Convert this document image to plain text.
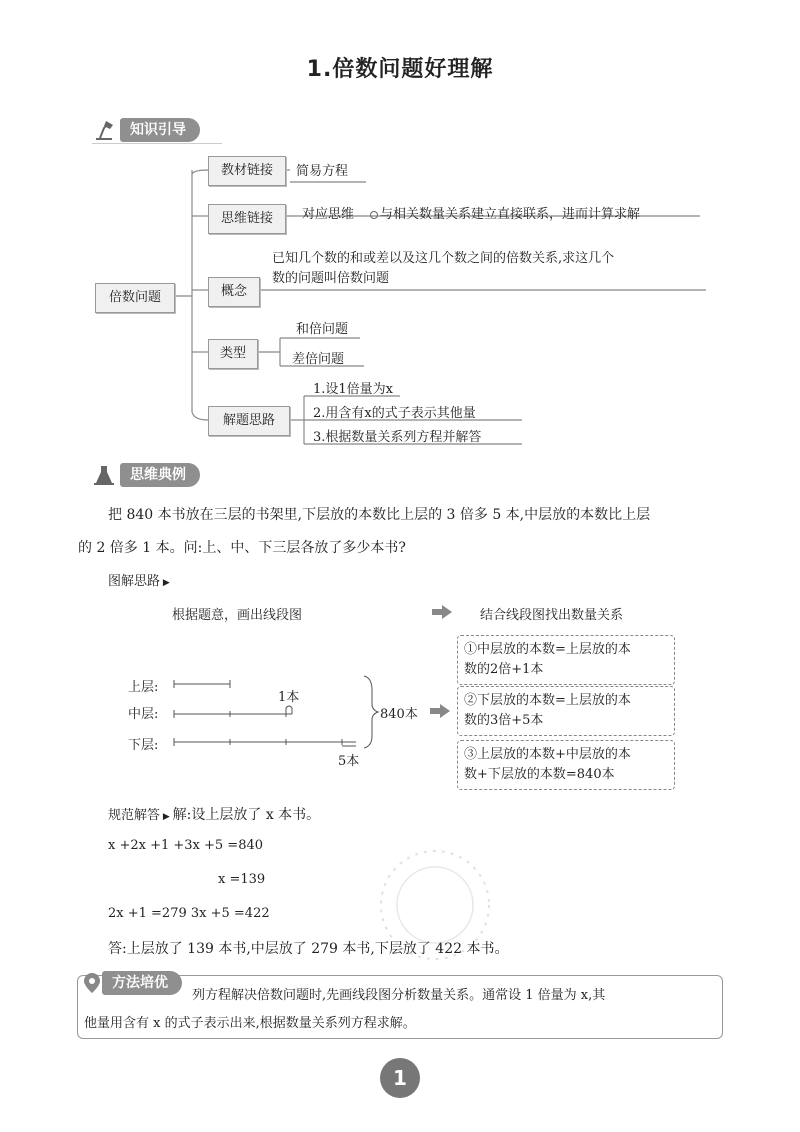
1.倍数问题好理解
知识引导
倍数问题
教材链接	简易方程
思维链接	对应思维 与相关数量关系建立直接联系，进而计算求解
概念
已知几个数的和或差以及这几个数之间的倍数关系,求这几个
数的问题叫倍数问题
类型
和倍问题
差倍问题
解题思路
1.设1倍量为x
2.用含有x的式子表示其他量
3.根据数量关系列方程并解答
思维典例
把 840 本书放在三层的书架里,下层放的本数比上层的 3 倍多 5 本,中层放的本数比上层
的 2 倍多 1 本。问:上、中、下三层各放了多少本书?
图解思路 ▶
根据题意，画出线段图	结合线段图找出数量关系
上层:
中层:
下层:
1本
5本
840本
①中层放的本数=上层放的本
数的2倍+1本
②下层放的本数=上层放的本
数的3倍+5本
③上层放的本数+中层放的本
数+下层放的本数=840本
规范解答 ▶ 解:设上层放了 x 本书。
x +2x +1 +3x +5 =840
x =139
2x +1 =279 3x +5 =422
答:上层放了 139 本书,中层放了 279 本书,下层放了 422 本书。
方法培优
列方程解决倍数问题时,先画线段图分析数量关系。通常设 1 倍量为 x,其
他量用含有 x 的式子表示出来,根据数量关系列方程求解。
1
